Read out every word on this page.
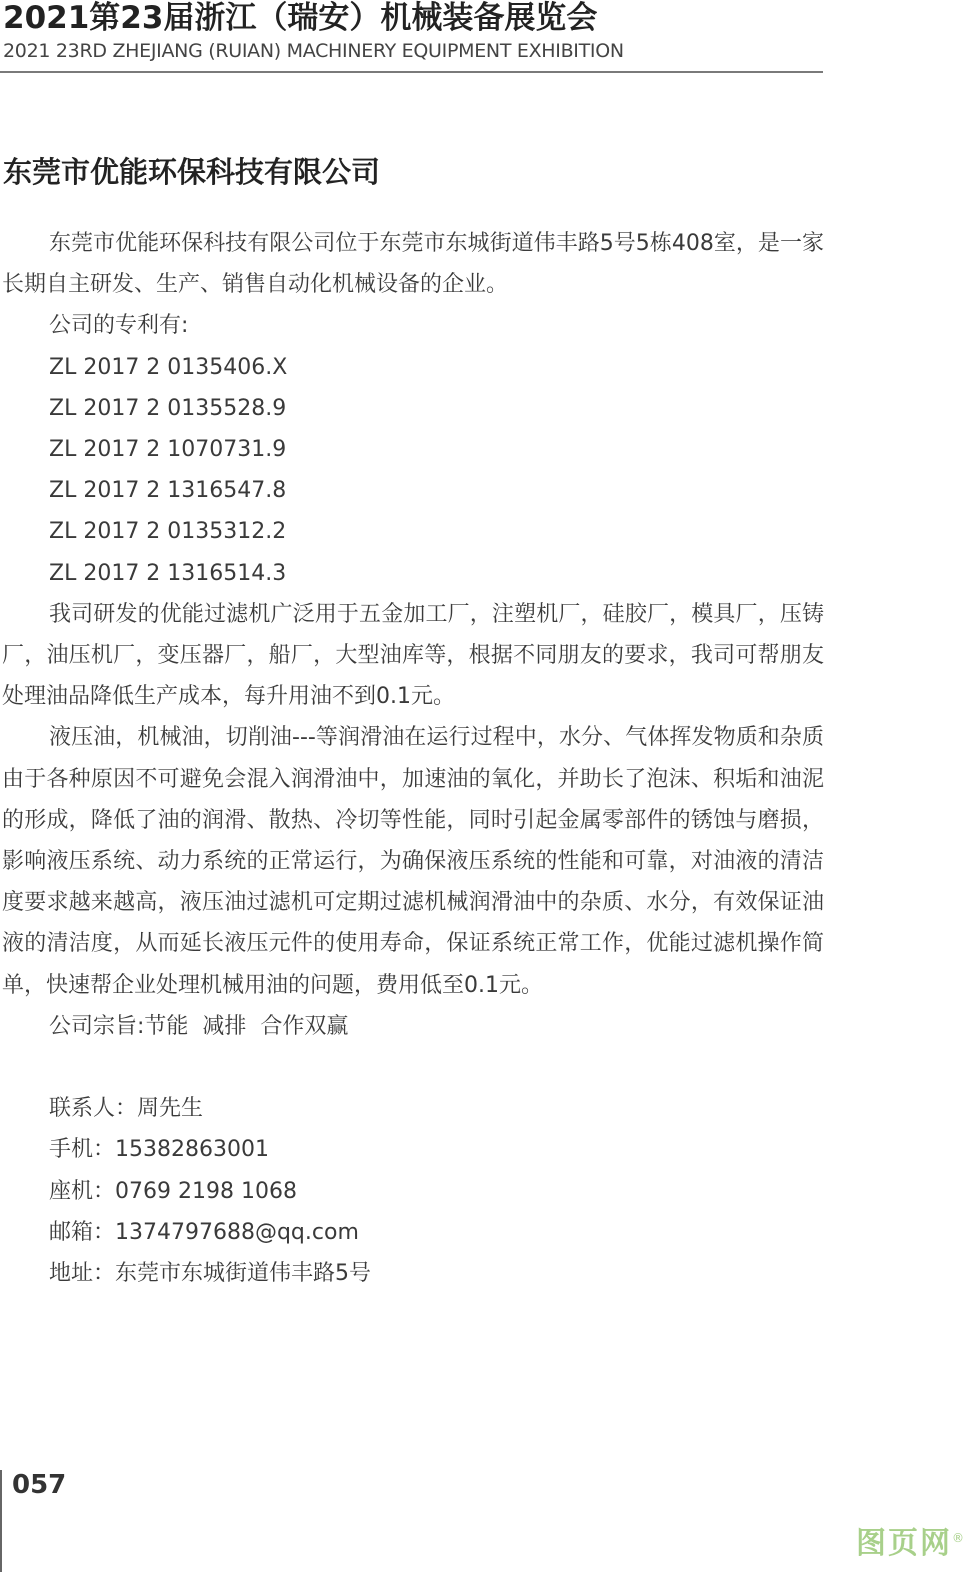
2021第23届浙江（瑞安）机械装备展览会
2021 23RD ZHEJIANG (RUIAN) MACHINERY EQUIPMENT EXHIBITION
东莞市优能环保科技有限公司

东莞市优能环保科技有限公司位于东莞市东城街道伟丰路5号5栋408室，是一家长期自主研发、生产、销售自动化机械设备的企业。

公司的专利有:
ZL 2017 2 0135406.X
ZL 2017 2 0135528.9
ZL 2017 2 1070731.9
ZL 2017 2 1316547.8
ZL 2017 2 0135312.2
ZL 2017 2 1316514.3

我司研发的优能过滤机广泛用于五金加工厂，注塑机厂，硅胶厂，模具厂，压铸厂，油压机厂，变压器厂，船厂，大型油库等，根据不同朋友的要求，我司可帮朋友处理油品降低生产成本，每升用油不到0.1元。

液压油，机械油，切削油---等润滑油在运行过程中，水分、气体挥发物质和杂质由于各种原因不可避免会混入润滑油中，加速油的氧化，并助长了泡沫、积垢和油泥的形成，降低了油的润滑、散热、冷切等性能，同时引起金属零部件的锈蚀与磨损，影响液压系统、动力系统的正常运行，为确保液压系统的性能和可靠，对油液的清洁度要求越来越高，液压油过滤机可定期过滤机械润滑油中的杂质、水分，有效保证油液的清洁度，从而延长液压元件的使用寿命，保证系统正常工作，优能过滤机操作简单，快速帮企业处理机械用油的问题，费用低至0.1元。

公司宗旨:节能  减排  合作双赢
联系人：周先生
手机：15382863001
座机：0769 2198 1068
邮箱：1374797688@qq.com
地址：东莞市东城街道伟丰路5号
057
图页网®
